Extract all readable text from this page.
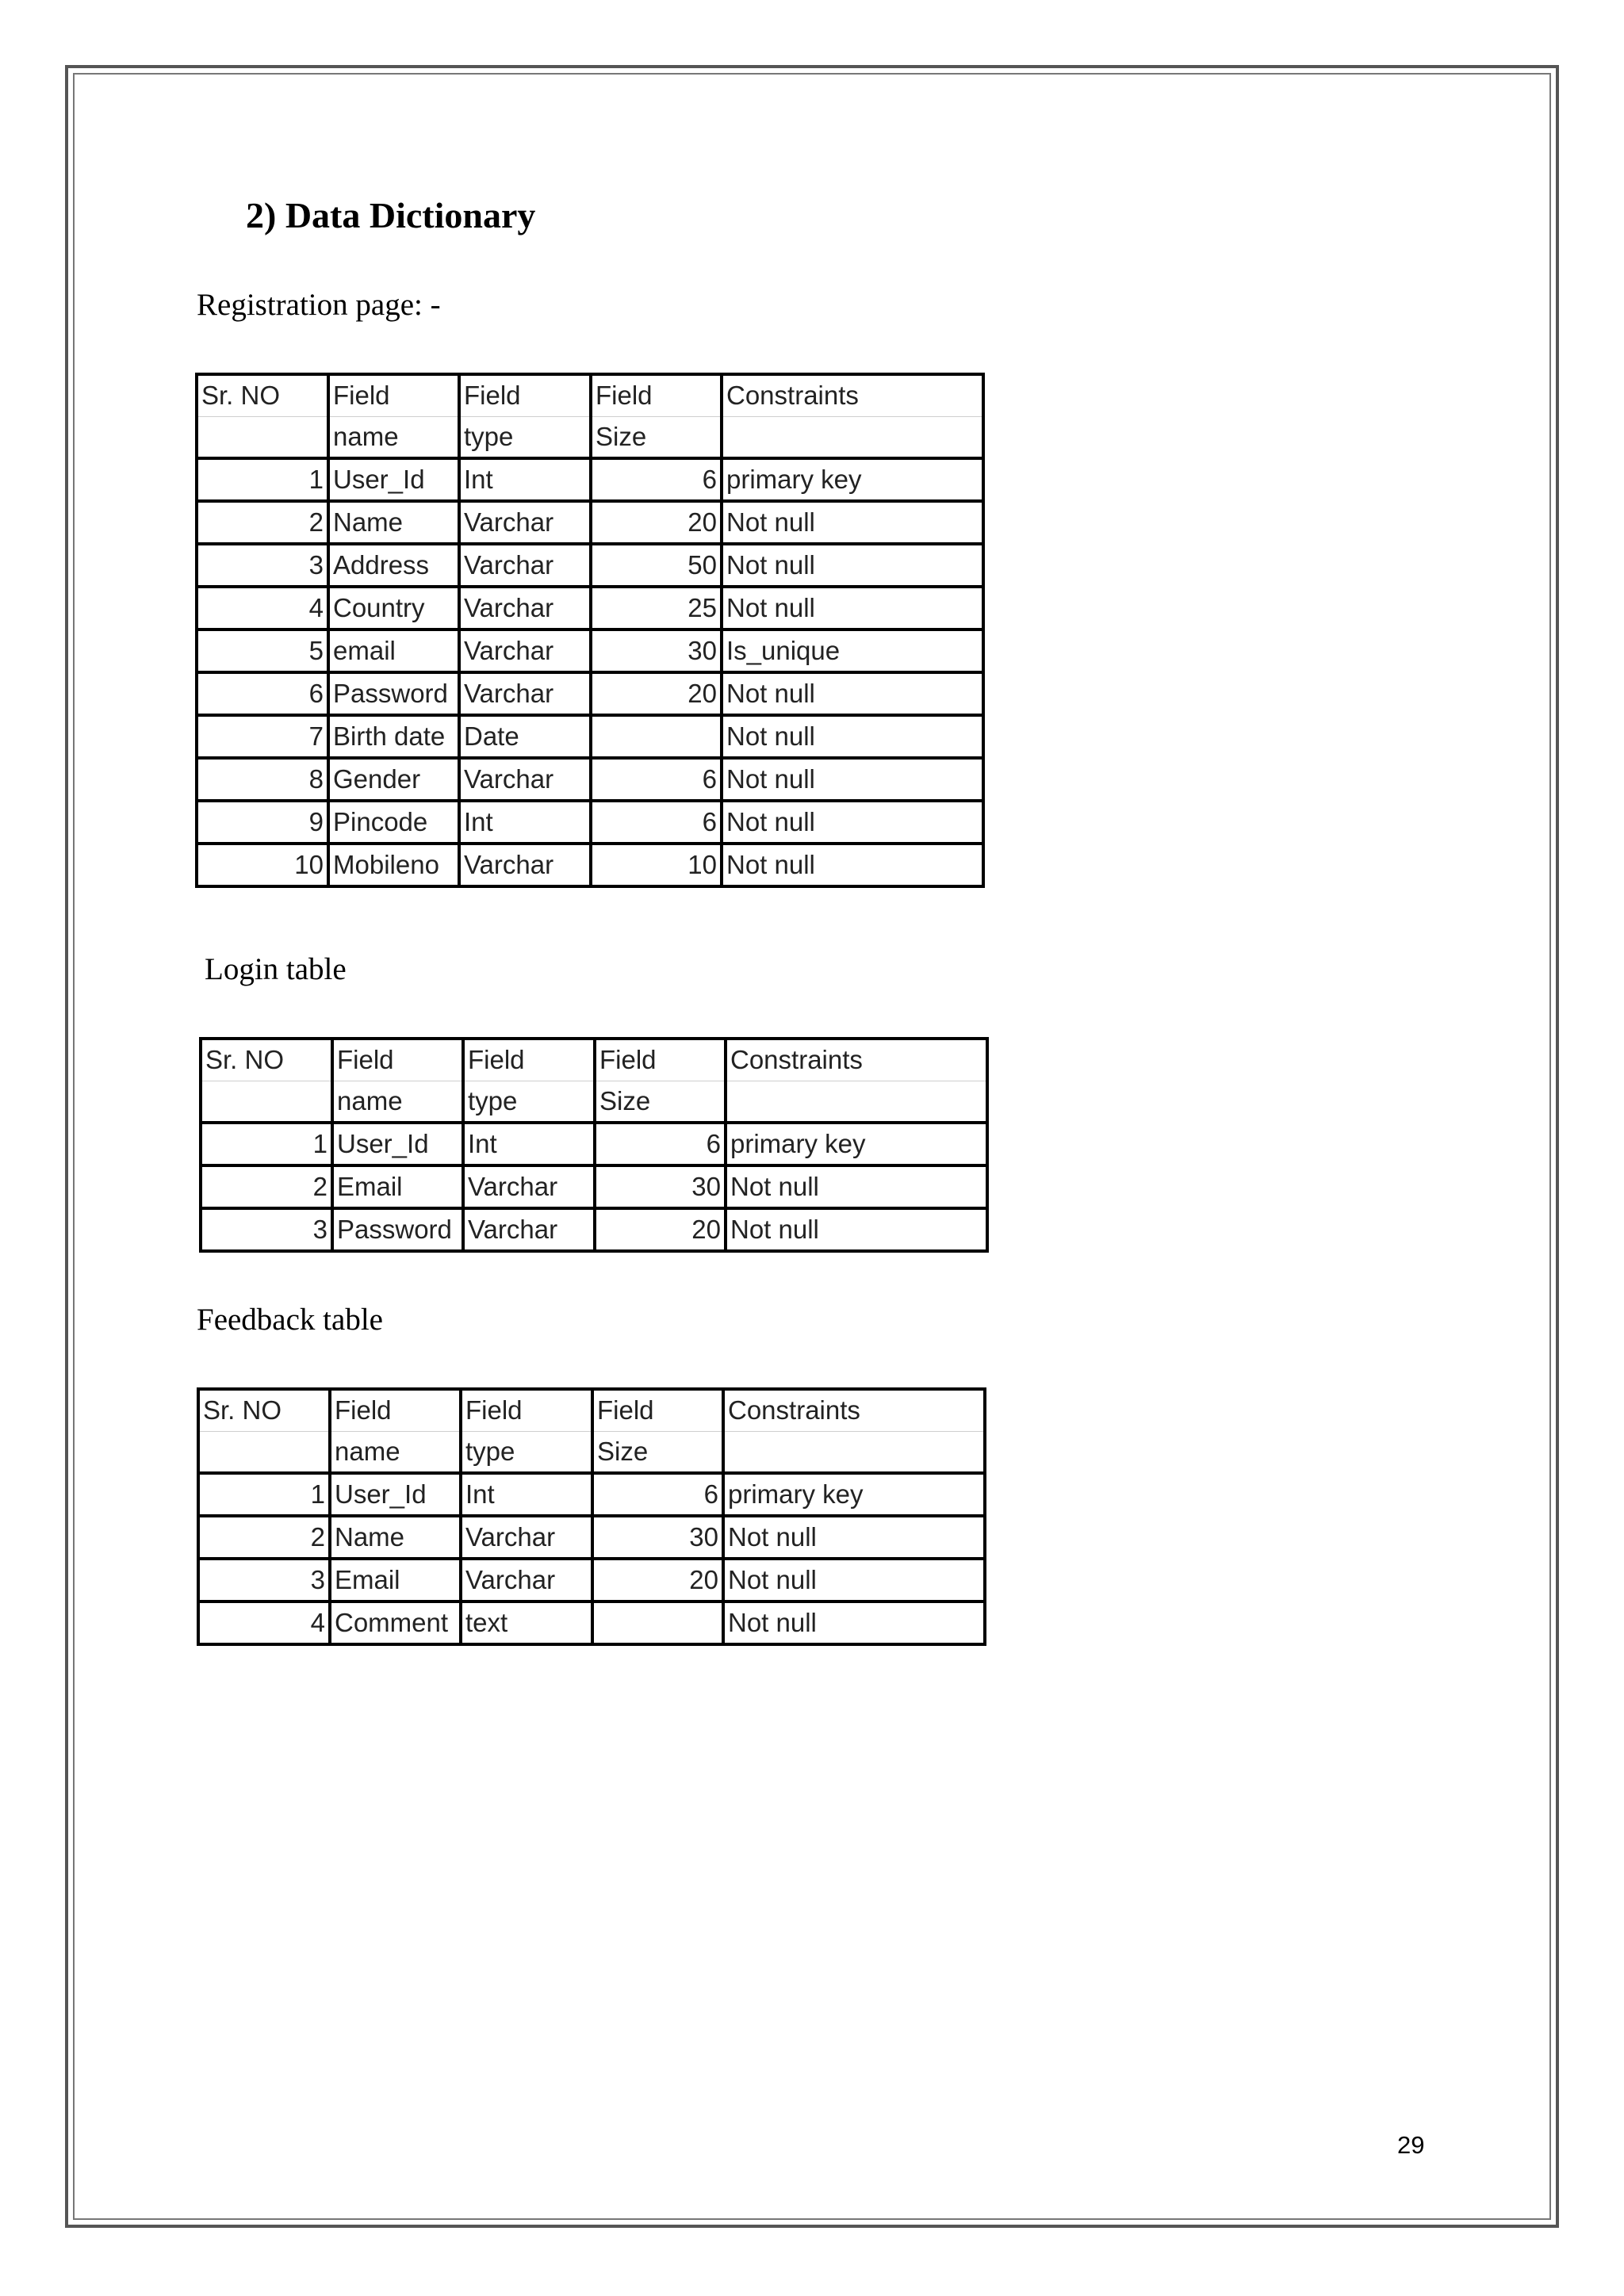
2) Data Dictionary

Registration page: -

Sr. NO	Field	Field	Field	Constraints
	name	type	Size	
1	User_Id	Int	6	primary key
2	Name	Varchar	20	Not null
3	Address	Varchar	50	Not null
4	Country	Varchar	25	Not null
5	email	Varchar	30	Is_unique
6	Password	Varchar	20	Not null
7	Birth date	Date		Not null
8	Gender	Varchar	6	Not null
9	Pincode	Int	6	Not null
10	Mobileno	Varchar	10	Not null

Login table

Sr. NO	Field	Field	Field	Constraints
	name	type	Size	
1	User_Id	Int	6	primary key
2	Email	Varchar	30	Not null
3	Password	Varchar	20	Not null

Feedback table

Sr. NO	Field	Field	Field	Constraints
	name	type	Size	
1	User_Id	Int	6	primary key
2	Name	Varchar	30	Not null
3	Email	Varchar	20	Not null
4	Comment	text		Not null

29
